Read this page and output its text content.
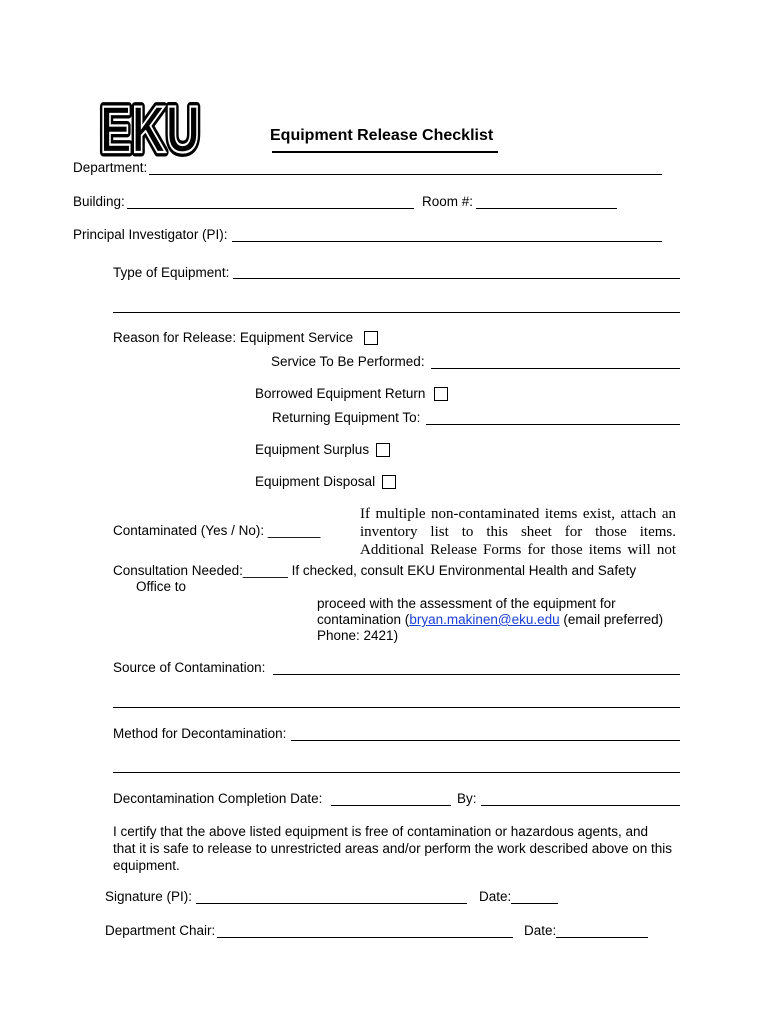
EKU
EKU	Equipment Release Checklist
Department:
Building:	Room #:
Principal Investigator (PI):
Type of Equipment:
Reason for Release: Equipment Service
Service To Be Performed:
Borrowed Equipment Return
Returning Equipment To:
Equipment Surplus
Equipment Disposal
Contaminated (Yes / No): _______
If multiple non-contaminated items exist, attach an
inventory list to this sheet for those items.
Additional Release Forms for those items will not
Consultation Needed:______ If checked, consult EKU Environmental Health and Safety
Office to
proceed with the assessment of the equipment for
contamination (bryan.makinen@eku.edu (email preferred)
Phone: 2421)
Source of Contamination:
Method for Decontamination:
Decontamination Completion Date:	By:
I certify that the above listed equipment is free of contamination or hazardous agents, and that it is safe to release to unrestricted areas and/or perform the work described above on this equipment.
Signature (PI):	Date:
Department Chair:	Date:
